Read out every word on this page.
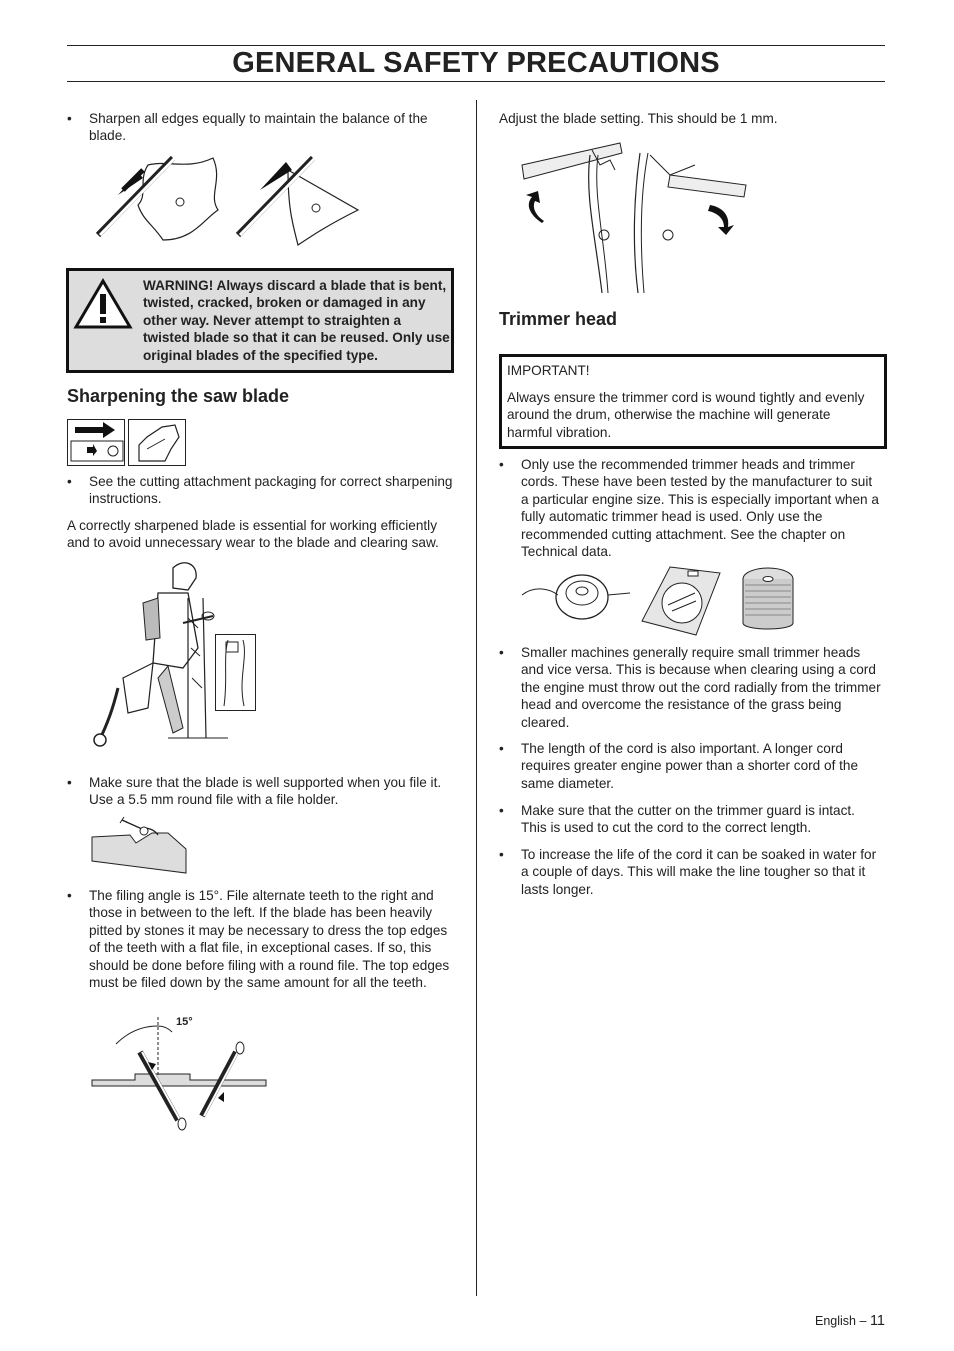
GENERAL SAFETY PRECAUTIONS
• Sharpen all edges equally to maintain the balance of the blade.
WARNING! Always discard a blade that is bent, twisted, cracked, broken or damaged in any other way. Never attempt to straighten a twisted blade so that it can be reused. Only use original blades of the specified type.
Sharpening the saw blade
• See the cutting attachment packaging for correct sharpening instructions.
A correctly sharpened blade is essential for working efficiently and to avoid unnecessary wear to the blade and clearing saw.
• Make sure that the blade is well supported when you file it. Use a 5.5 mm round file with a file holder.
• The filing angle is 15°. File alternate teeth to the right and those in between to the left. If the blade has been heavily pitted by stones it may be necessary to dress the top edges of the teeth with a flat file, in exceptional cases. If so, this should be done before filing with a round file. The top edges must be filed down by the same amount for all the teeth.
15°
Adjust the blade setting. This should be 1 mm.
Trimmer head
IMPORTANT!
Always ensure the trimmer cord is wound tightly and evenly around the drum, otherwise the machine will generate harmful vibration.
• Only use the recommended trimmer heads and trimmer cords. These have been tested by the manufacturer to suit a particular engine size. This is especially important when a fully automatic trimmer head is used. Only use the recommended cutting attachment. See the chapter on Technical data.
• Smaller machines generally require small trimmer heads and vice versa. This is because when clearing using a cord the engine must throw out the cord radially from the trimmer head and overcome the resistance of the grass being cleared.
• The length of the cord is also important. A longer cord requires greater engine power than a shorter cord of the same diameter.
• Make sure that the cutter on the trimmer guard is intact. This is used to cut the cord to the correct length.
• To increase the life of the cord it can be soaked in water for a couple of days. This will make the line tougher so that it lasts longer.
English – 11
